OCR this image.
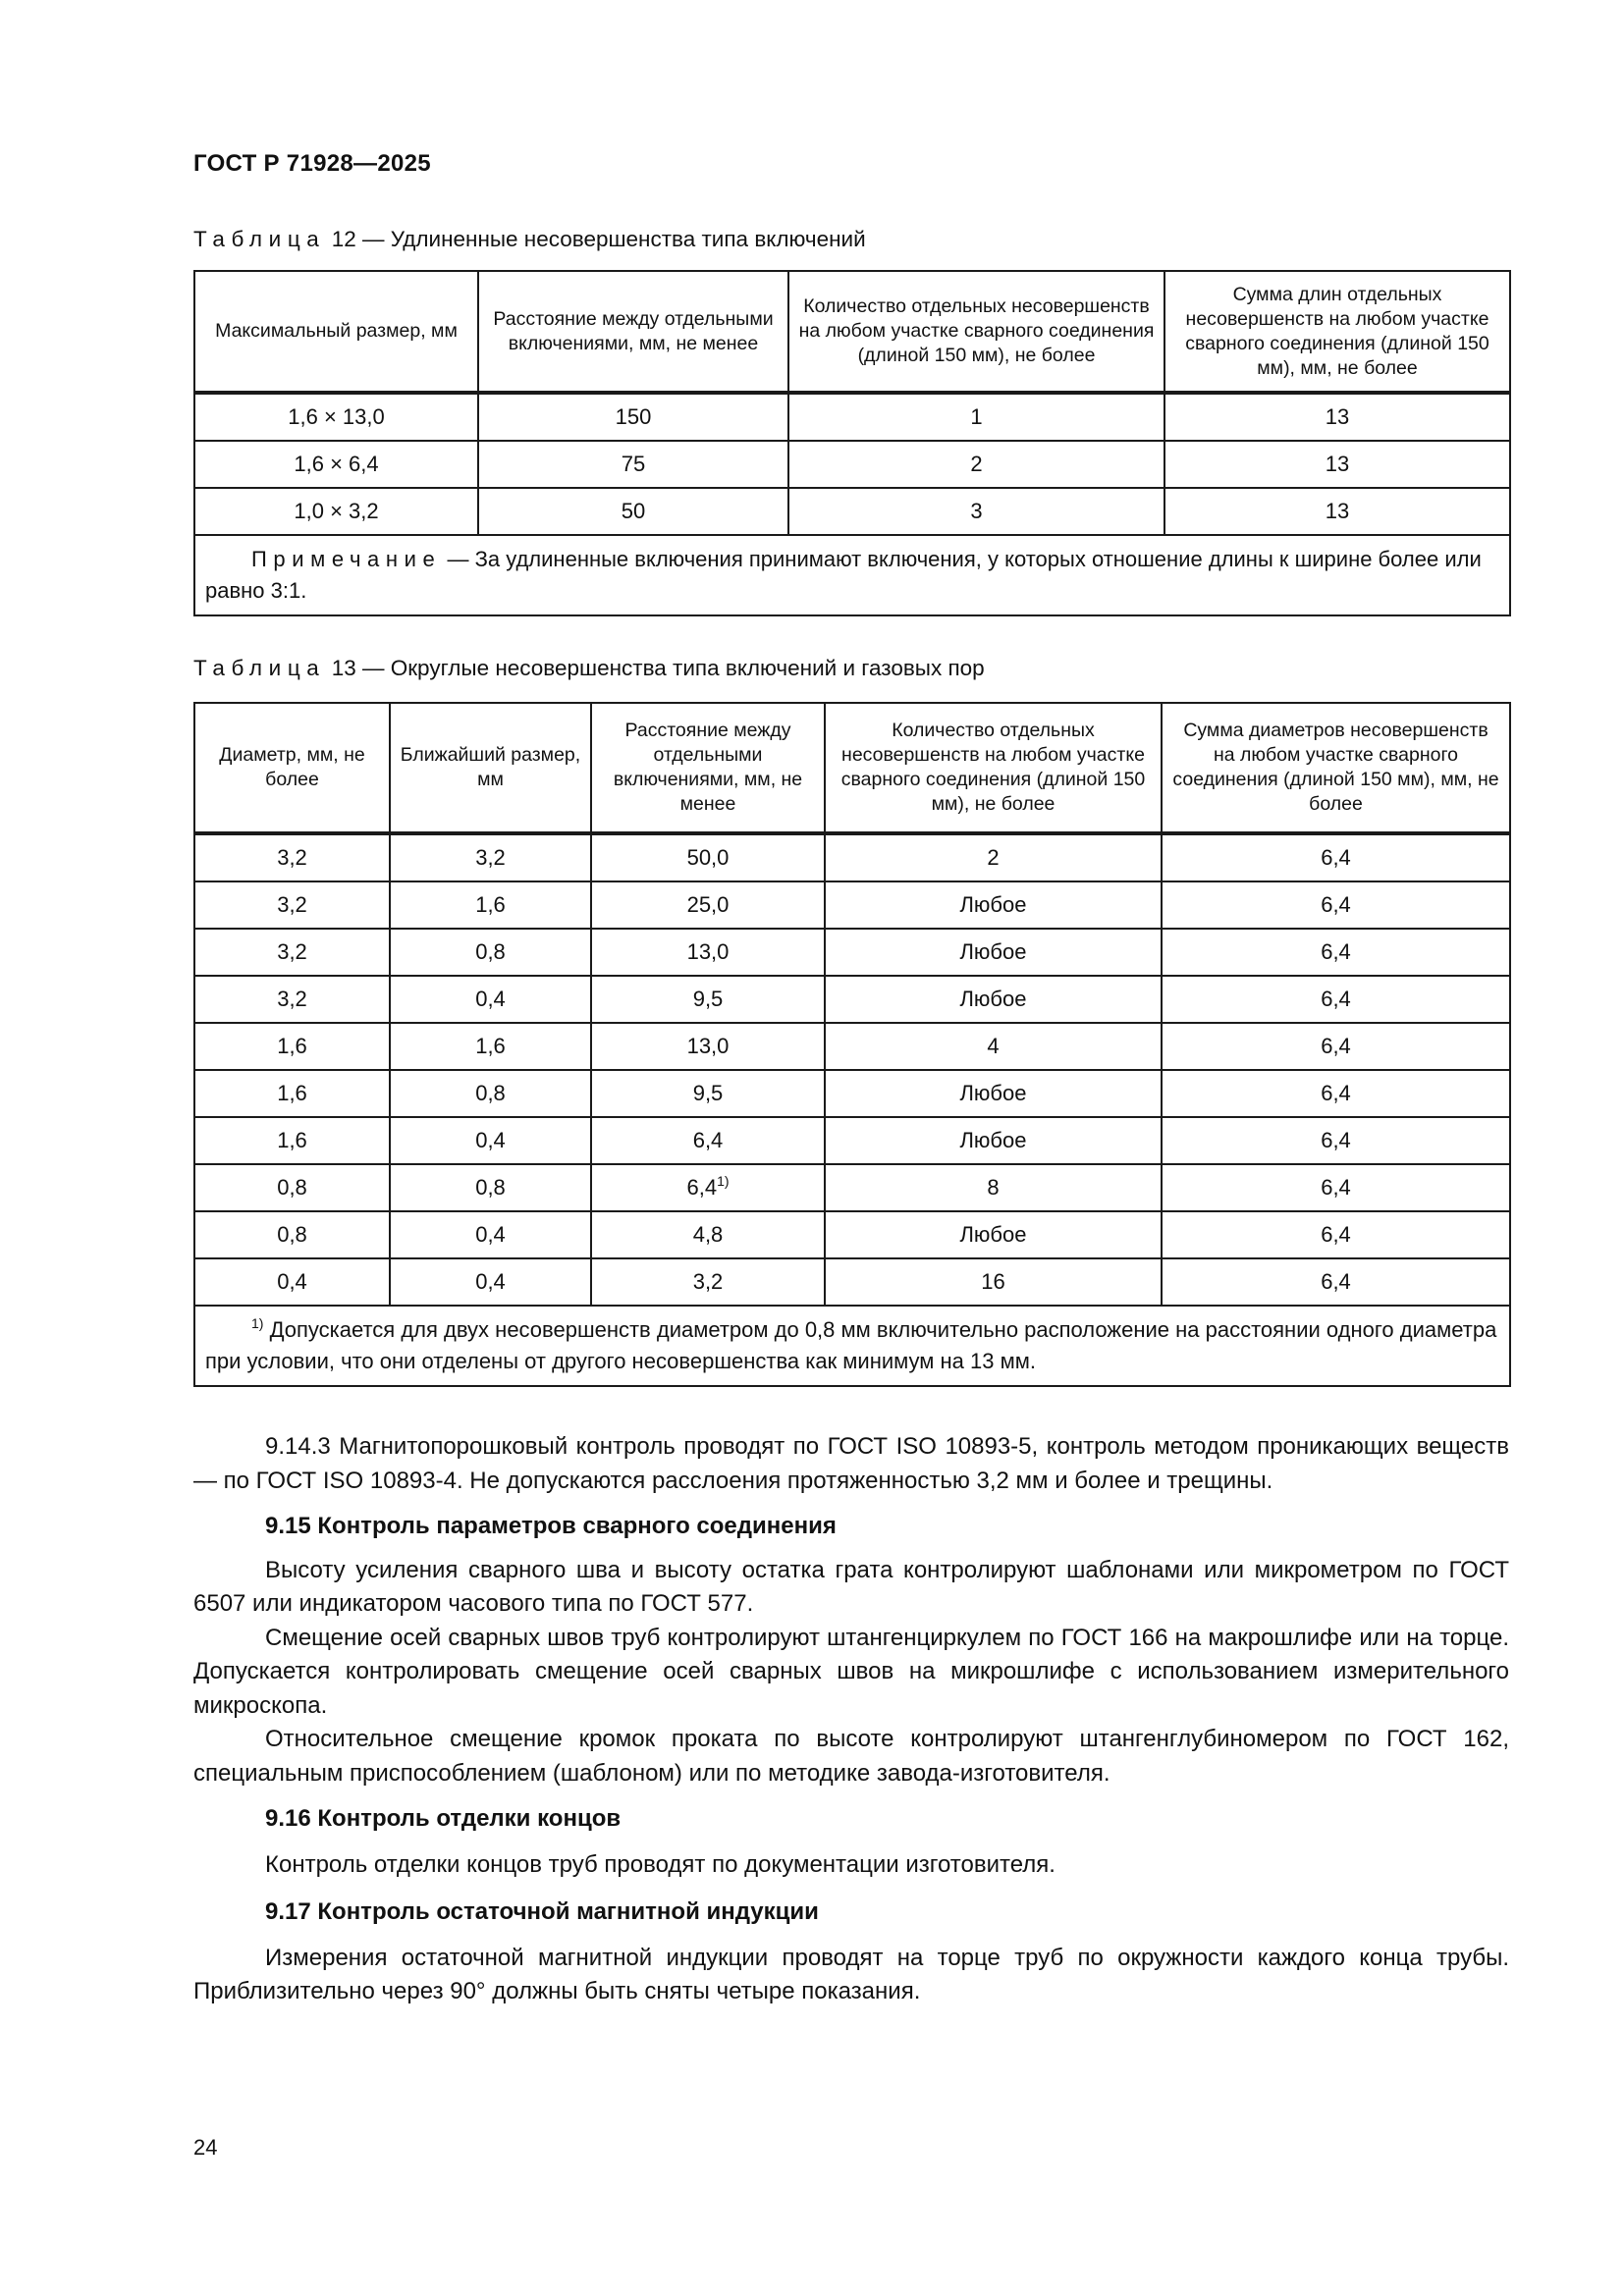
ГОСТ Р 71928—2025
Таблица 12 — Удлиненные несовершенства типа включений
Максимальный размер, мм	Расстояние между отдельными включениями, мм, не менее	Количество отдельных несовершенств на любом участке сварного соединения (длиной 150 мм), не более	Сумма длин отдельных несовершенств на любом участке сварного соединения (длиной 150 мм), мм, не более
1,6 × 13,0	150	1	13
1,6 × 6,4	75	2	13
1,0 × 3,2	50	3	13
Примечание — За удлиненные включения принимают включения, у которых отношение длины к ширине более или равно 3:1.			
Таблица 13 — Округлые несовершенства типа включений и газовых пор
Диаметр, мм, не более	Ближайший размер, мм	Расстояние между отдельными включениями, мм, не менее	Количество отдельных несовершенств на любом участке сварного соединения (длиной 150 мм), не более	Сумма диаметров несовершенств на любом участке сварного соединения (длиной 150 мм), мм, не более
3,2	3,2	50,0	2	6,4
3,2	1,6	25,0	Любое	6,4
3,2	0,8	13,0	Любое	6,4
3,2	0,4	9,5	Любое	6,4
1,6	1,6	13,0	4	6,4
1,6	0,8	9,5	Любое	6,4
1,6	0,4	6,4	Любое	6,4
0,8	0,8	6,4$^{1)}$	8	6,4
0,8	0,4	4,8	Любое	6,4
0,4	0,4	3,2	16	6,4
$^{1)}$ Допускается для двух несовершенств диаметром до 0,8 мм включительно расположение на расстоянии одного диаметра при условии, что они отделены от другого несовершенства как минимум на 13 мм.				

9.14.3 Магнитопорошковый контроль проводят по ГОСТ ISO 10893-5, контроль методом проникающих веществ — по ГОСТ ISO 10893-4. Не допускаются расслоения протяженностью 3,2 мм и более и трещины.

9.15 Контроль параметров сварного соединения

Высоту усиления сварного шва и высоту остатка грата контролируют шаблонами или микрометром по ГОСТ 6507 или индикатором часового типа по ГОСТ 577.

Смещение осей сварных швов труб контролируют штангенциркулем по ГОСТ 166 на макрошлифе или на торце. Допускается контролировать смещение осей сварных швов на микрошлифе с использованием измерительного микроскопа.

Относительное смещение кромок проката по высоте контролируют штангенглубиномером по ГОСТ 162, специальным приспособлением (шаблоном) или по методике завода-изготовителя.

9.16 Контроль отделки концов

Контроль отделки концов труб проводят по документации изготовителя.

9.17 Контроль остаточной магнитной индукции

Измерения остаточной магнитной индукции проводят на торце труб по окружности каждого конца трубы. Приблизительно через 90° должны быть сняты четыре показания.

24
